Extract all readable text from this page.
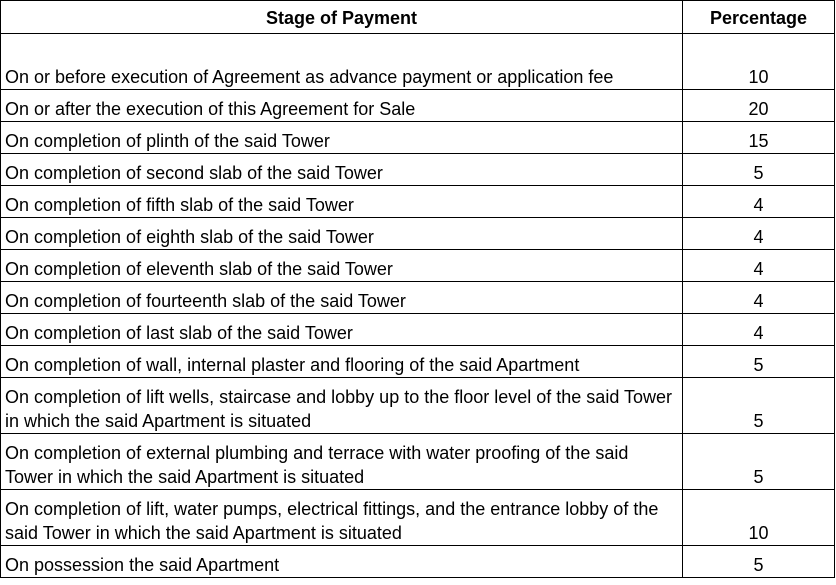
Stage of Payment	Percentage
On or before execution of Agreement as advance payment or application fee	10
On or after the execution of this Agreement for Sale	20
On completion of plinth of the said Tower	15
On completion of second slab of the said Tower	5
On completion of fifth slab of the said Tower	4
On completion of eighth slab of the said Tower	4
On completion of eleventh slab of the said Tower	4
On completion of fourteenth slab of the said Tower	4
On completion of last slab of the said Tower	4
On completion of wall, internal plaster and flooring of the said Apartment	5
On completion of lift wells, staircase and lobby up to the floor level of the said Tower in which the said Apartment is situated	5
On completion of external plumbing and terrace with water proofing of the said Tower in which the said Apartment is situated	5
On completion of lift, water pumps, electrical fittings, and the entrance lobby of the said Tower in which the said Apartment is situated	10
On possession the said Apartment	5
